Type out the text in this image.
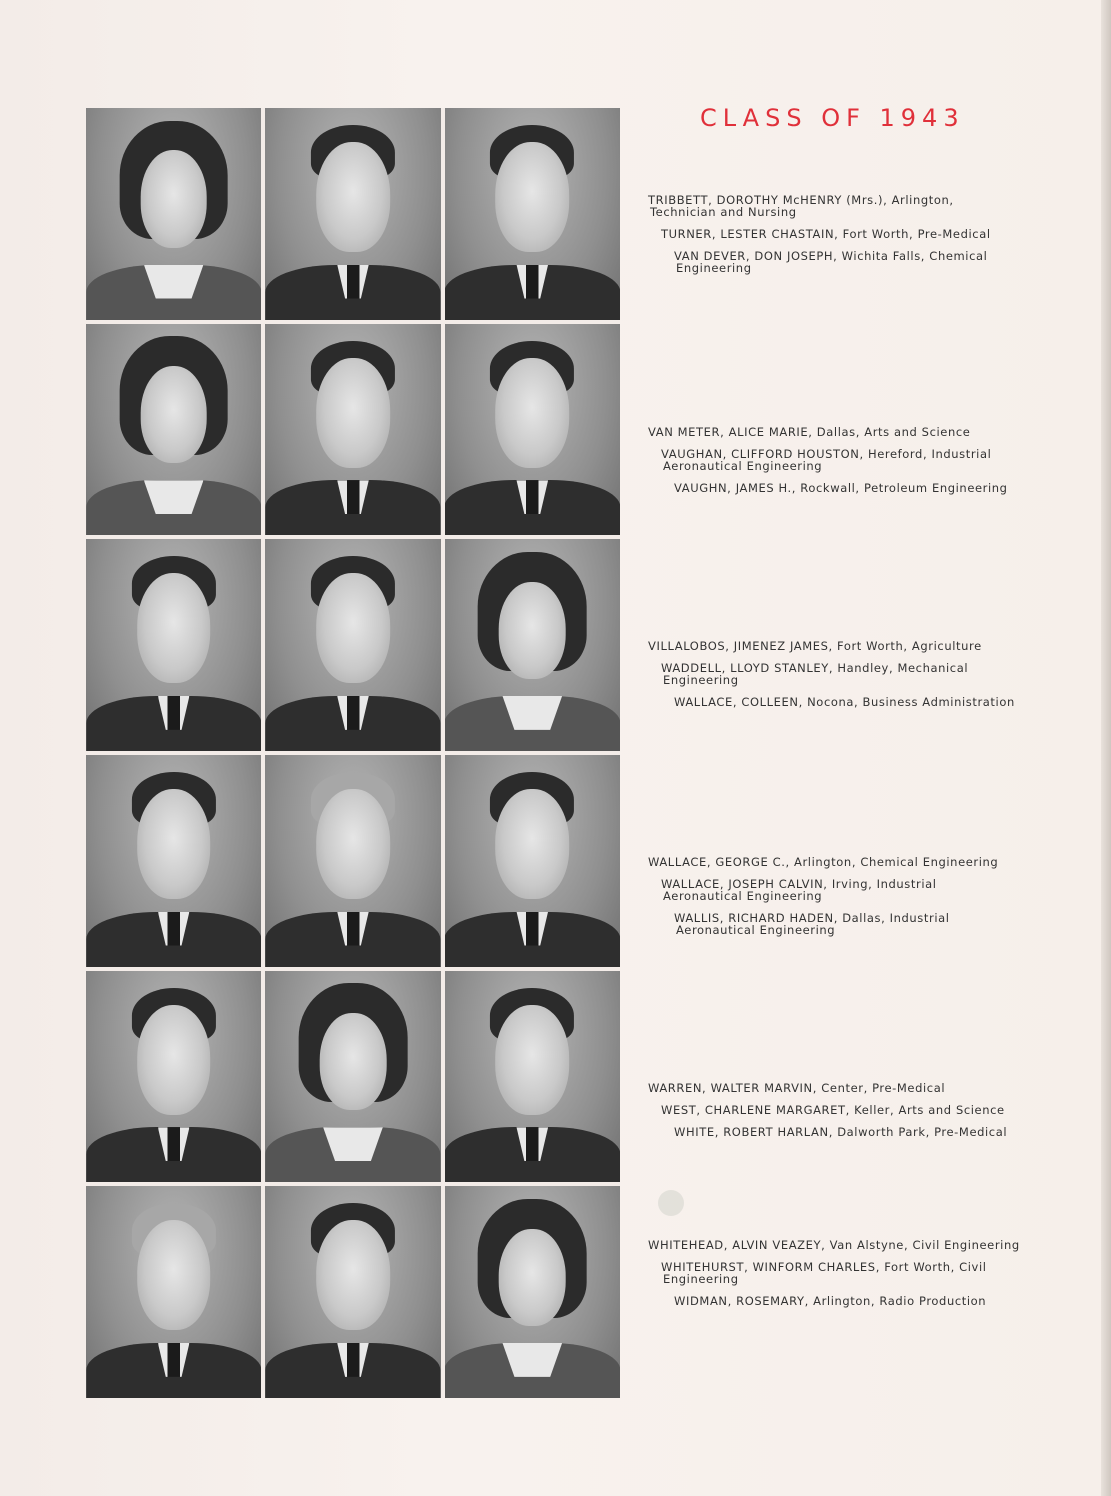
CLASS OF 1943
TRIBBETT, DOROTHY McHENRY (Mrs.), Arlington,
Technician and Nursing
TURNER, LESTER CHASTAIN, Fort Worth, Pre-Medical
VAN DEVER, DON JOSEPH, Wichita Falls, Chemical
Engineering
VAN METER, ALICE MARIE, Dallas, Arts and Science
VAUGHAN, CLIFFORD HOUSTON, Hereford, Industrial
Aeronautical Engineering
VAUGHN, JAMES H., Rockwall, Petroleum Engineering
VILLALOBOS, JIMENEZ JAMES, Fort Worth, Agriculture
WADDELL, LLOYD STANLEY, Handley, Mechanical
Engineering
WALLACE, COLLEEN, Nocona, Business Administration
WALLACE, GEORGE C., Arlington, Chemical Engineering
WALLACE, JOSEPH CALVIN, Irving, Industrial
Aeronautical Engineering
WALLIS, RICHARD HADEN, Dallas, Industrial
Aeronautical Engineering
WARREN, WALTER MARVIN, Center, Pre-Medical
WEST, CHARLENE MARGARET, Keller, Arts and Science
WHITE, ROBERT HARLAN, Dalworth Park, Pre-Medical
WHITEHEAD, ALVIN VEAZEY, Van Alstyne, Civil Engineering
WHITEHURST, WINFORM CHARLES, Fort Worth, Civil
Engineering
WIDMAN, ROSEMARY, Arlington, Radio Production
